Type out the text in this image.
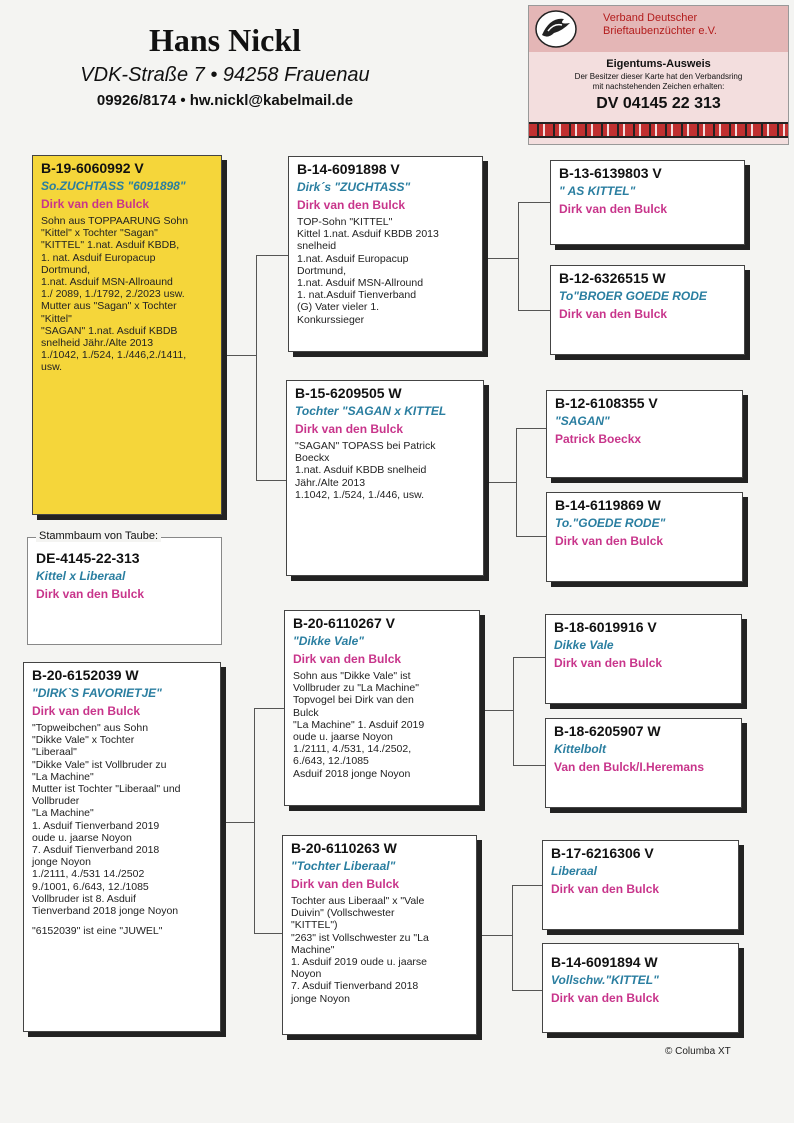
Hans Nickl
VDK-Straße 7 • 94258 Frauenau
09926/8174 • hw.nickl@kabelmail.de
Verband Deutscher
Brieftaubenzüchter e.V.
Eigentums-Ausweis
Der Besitzer dieser Karte hat den Verbandsring
mit nachstehenden Zeichen erhalten:
DV 04145 22 313
B-19-6060992 V
So.ZUCHTASS "6091898"
Dirk van den Bulck
Sohn aus TOPPAARUNG Sohn
"Kittel" x Tochter "Sagan"
"KITTEL" 1.nat. Asduif KBDB,
1. nat. Asduif Europacup
Dortmund,
1.nat. Asduif MSN-Allroaund
1./ 2089, 1./1792, 2./2023 usw.
Mutter aus "Sagan" x Tochter
"Kittel"
"SAGAN" 1.nat. Asduif KBDB
snelheid Jähr./Alte 2013
1./1042, 1./524, 1./446,2./1411,
usw.
DE-4145-22-313
Kittel x Liberaal
Dirk van den Bulck
Stammbaum von Taube:
B-20-6152039 W
"DIRK`S FAVORIETJE"
Dirk van den Bulck
"Topweibchen" aus Sohn
"Dikke Vale" x Tochter
"Liberaal"
"Dikke Vale" ist Vollbruder zu
"La Machine"
Mutter ist Tochter "Liberaal" und
Vollbruder
"La Machine"
1. Asduif Tienverband 2019
oude u. jaarse Noyon
7. Asduif Tienverband 2018
jonge Noyon
1./2111, 4./531 14./2502
9./1001, 6./643, 12./1085
Vollbruder ist 8. Asduif
Tienverband 2018 jonge Noyon
"6152039" ist eine "JUWEL"
B-14-6091898 V
Dirk´s "ZUCHTASS"
Dirk van den Bulck
TOP-Sohn "KITTEL"
Kittel 1.nat. Asduif KBDB 2013
snelheid
1.nat. Asduif Europacup
Dortmund,
1.nat. Asduif MSN-Allround
1. nat.Asduif Tienverband
(G) Vater vieler 1.
Konkurssieger
B-15-6209505 W
Tochter "SAGAN x KITTEL
Dirk van den Bulck
"SAGAN" TOPASS bei Patrick
Boeckx
1.nat. Asduif KBDB snelheid
Jähr./Alte 2013
1.1042, 1./524, 1./446, usw.
B-20-6110267 V
"Dikke Vale"
Dirk van den Bulck
Sohn aus "Dikke Vale" ist
Vollbruder zu "La Machine"
Topvogel bei Dirk van den
Bulck
"La Machine" 1. Asduif 2019
oude u. jaarse Noyon
1./2111, 4./531, 14./2502,
6./643, 12./1085
Asduif 2018 jonge Noyon
B-20-6110263 W
"Tochter Liberaal"
Dirk van den Bulck
Tochter aus Liberaal" x "Vale
Duivin" (Vollschwester
"KITTEL")
"263" ist Vollschwester zu "La
Machine"
1. Asduif 2019 oude u. jaarse
Noyon
7. Asduif Tienverband 2018
jonge Noyon
B-13-6139803 V
" AS KITTEL"
Dirk van den Bulck
B-12-6326515 W
To"BROER GOEDE RODE
Dirk van den Bulck
B-12-6108355 V
"SAGAN"
Patrick Boeckx
B-14-6119869 W
To."GOEDE RODE"
Dirk van den Bulck
B-18-6019916 V
Dikke Vale
Dirk van den Bulck
B-18-6205907 W
Kittelbolt
Van den Bulck/I.Heremans
B-17-6216306 V
Liberaal
Dirk van den Bulck
B-14-6091894 W
Vollschw."KITTEL"
Dirk van den Bulck
© Columba XT
